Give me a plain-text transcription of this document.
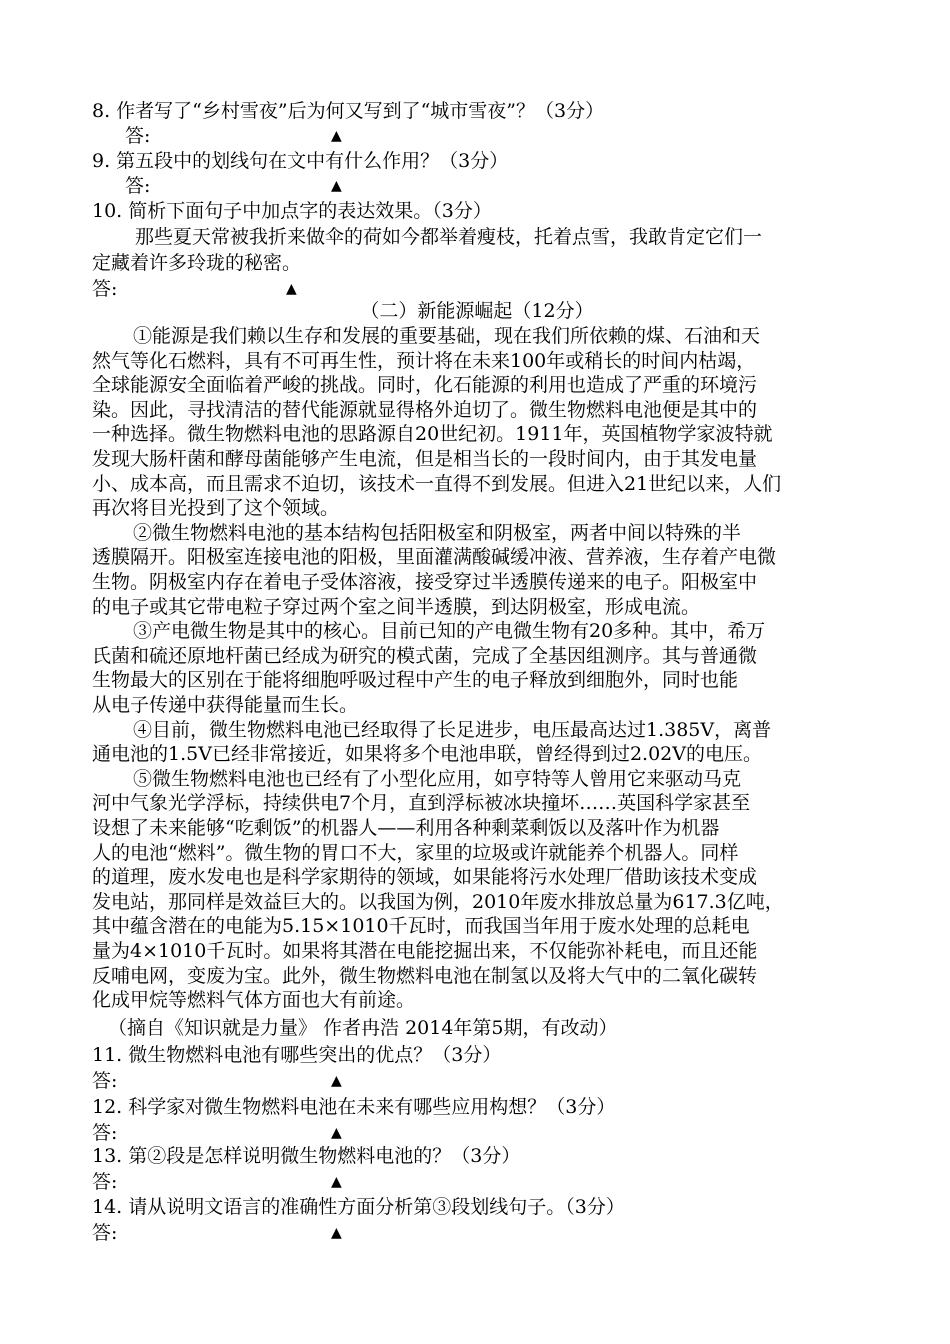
8. 作者写了“乡村雪夜”后为何又写到了“城市雪夜”？（3分）
答:	▲
9. 第五段中的划线句在文中有什么作用？（3分）
答:	▲
10. 简析下面句子中加点字的表达效果。（3分）
那些夏天常被我折来做伞的荷如今都举着瘦枝，托着点雪，我敢肯定它们一
定藏着许多玲珑的秘密。
答:	▲
（二）新能源崛起（12分）
①能源是我们赖以生存和发展的重要基础，现在我们所依赖的煤、石油和天
然气等化石燃料，具有不可再生性，预计将在未来100年或稍长的时间内枯竭，
全球能源安全面临着严峻的挑战。同时，化石能源的利用也造成了严重的环境污
染。因此，寻找清洁的替代能源就显得格外迫切了。微生物燃料电池便是其中的
一种选择。微生物燃料电池的思路源自20世纪初。1911年，英国植物学家波特就
发现大肠杆菌和酵母菌能够产生电流，但是相当长的一段时间内，由于其发电量
小、成本高，而且需求不迫切，该技术一直得不到发展。但进入21世纪以来，人们
再次将目光投到了这个领域。
②微生物燃料电池的基本结构包括阳极室和阴极室，两者中间以特殊的半
透膜隔开。阳极室连接电池的阳极，里面灌满酸碱缓冲液、营养液，生存着产电微
生物。阴极室内存在着电子受体溶液，接受穿过半透膜传递来的电子。阳极室中
的电子或其它带电粒子穿过两个室之间半透膜，到达阴极室，形成电流。
③产电微生物是其中的核心。目前已知的产电微生物有20多种。其中，希万
氏菌和硫还原地杆菌已经成为研究的模式菌，完成了全基因组测序。其与普通微
生物最大的区别在于能将细胞呼吸过程中产生的电子释放到细胞外，同时也能
从电子传递中获得能量而生长。
④目前，微生物燃料电池已经取得了长足进步，电压最高达过1.385V，离普
通电池的1.5V已经非常接近，如果将多个电池串联，曾经得到过2.02V的电压。
⑤微生物燃料电池也已经有了小型化应用，如亨特等人曾用它来驱动马克
河中气象光学浮标，持续供电7个月，直到浮标被冰块撞坏……英国科学家甚至
设想了未来能够“吃剩饭”的机器人——利用各种剩菜剩饭以及落叶作为机器
人的电池“燃料”。微生物的胃口不大，家里的垃圾或许就能养个机器人。同样
的道理，废水发电也是科学家期待的领域，如果能将污水处理厂借助该技术变成
发电站，那同样是效益巨大的。以我国为例，2010年废水排放总量为617.3亿吨，
其中蕴含潜在的电能为5.15×1010千瓦时，而我国当年用于废水处理的总耗电
量为4×1010千瓦时。如果将其潜在电能挖掘出来，不仅能弥补耗电，而且还能
反哺电网，变废为宝。此外，微生物燃料电池在制氢以及将大气中的二氧化碳转
化成甲烷等燃料气体方面也大有前途。
（摘自《知识就是力量》 作者冉浩 2014年第5期，有改动）
11. 微生物燃料电池有哪些突出的优点？（3分）
答:	▲
12. 科学家对微生物燃料电池在未来有哪些应用构想？（3分）
答:	▲
13. 第②段是怎样说明微生物燃料电池的？（3分）
答:	▲
14. 请从说明文语言的准确性方面分析第③段划线句子。（3分）
答:	▲
